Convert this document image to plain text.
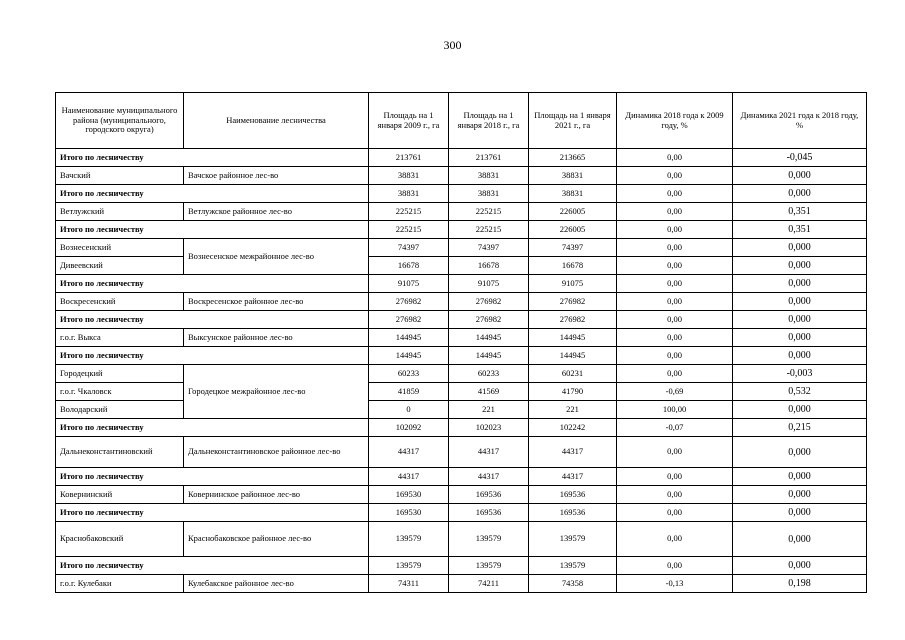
300
Наименование муниципального района (муниципального, городского округа)	Наименование лесничества	Площадь на 1 января 2009 г., га	Площадь на 1 января 2018 г., га	Площадь на 1 января 2021 г., га	Динамика 2018 года к 2009 году, %	Динамика 2021 года к 2018 году, %
Итого по лесничеству		213761	213761	213665	0,00	-0,045
Вачский	Вачское районное лес-во	38831	38831	38831	0,00	0,000
Итого по лесничеству		38831	38831	38831	0,00	0,000
Ветлужский	Ветлужское районное лес-во	225215	225215	226005	0,00	0,351
Итого по лесничеству		225215	225215	226005	0,00	0,351
Вознесенский	Вознесенское межрайонное лес-во	74397	74397	74397	0,00	0,000
Дивеевский		16678	16678	16678	0,00	0,000
Итого по лесничеству		91075	91075	91075	0,00	0,000
Воскресенский	Воскресенское районное лес-во	276982	276982	276982	0,00	0,000
Итого по лесничеству		276982	276982	276982	0,00	0,000
г.о.г. Выкса	Выксунское районное лес-во	144945	144945	144945	0,00	0,000
Итого по лесничеству		144945	144945	144945	0,00	0,000
Городецкий	Городецкое межрайонное лес-во	60233	60233	60231	0,00	-0,003
г.о.г. Чкаловск		41859	41569	41790	-0,69	0,532
Володарский		0	221	221	100,00	0,000
Итого по лесничеству		102092	102023	102242	-0,07	0,215
Дальнеконстантиновский	Дальнеконстантиновское районное лес-во	44317	44317	44317	0,00	0,000
Итого по лесничеству		44317	44317	44317	0,00	0,000
Ковернинский	Ковернинское районное лес-во	169530	169536	169536	0,00	0,000
Итого по лесничеству		169530	169536	169536	0,00	0,000
Краснобаковский	Краснобаковское районное лес-во	139579	139579	139579	0,00	0,000
Итого по лесничеству		139579	139579	139579	0,00	0,000
г.о.г. Кулебаки	Кулебакское районное лес-во	74311	74211	74358	-0,13	0,198
